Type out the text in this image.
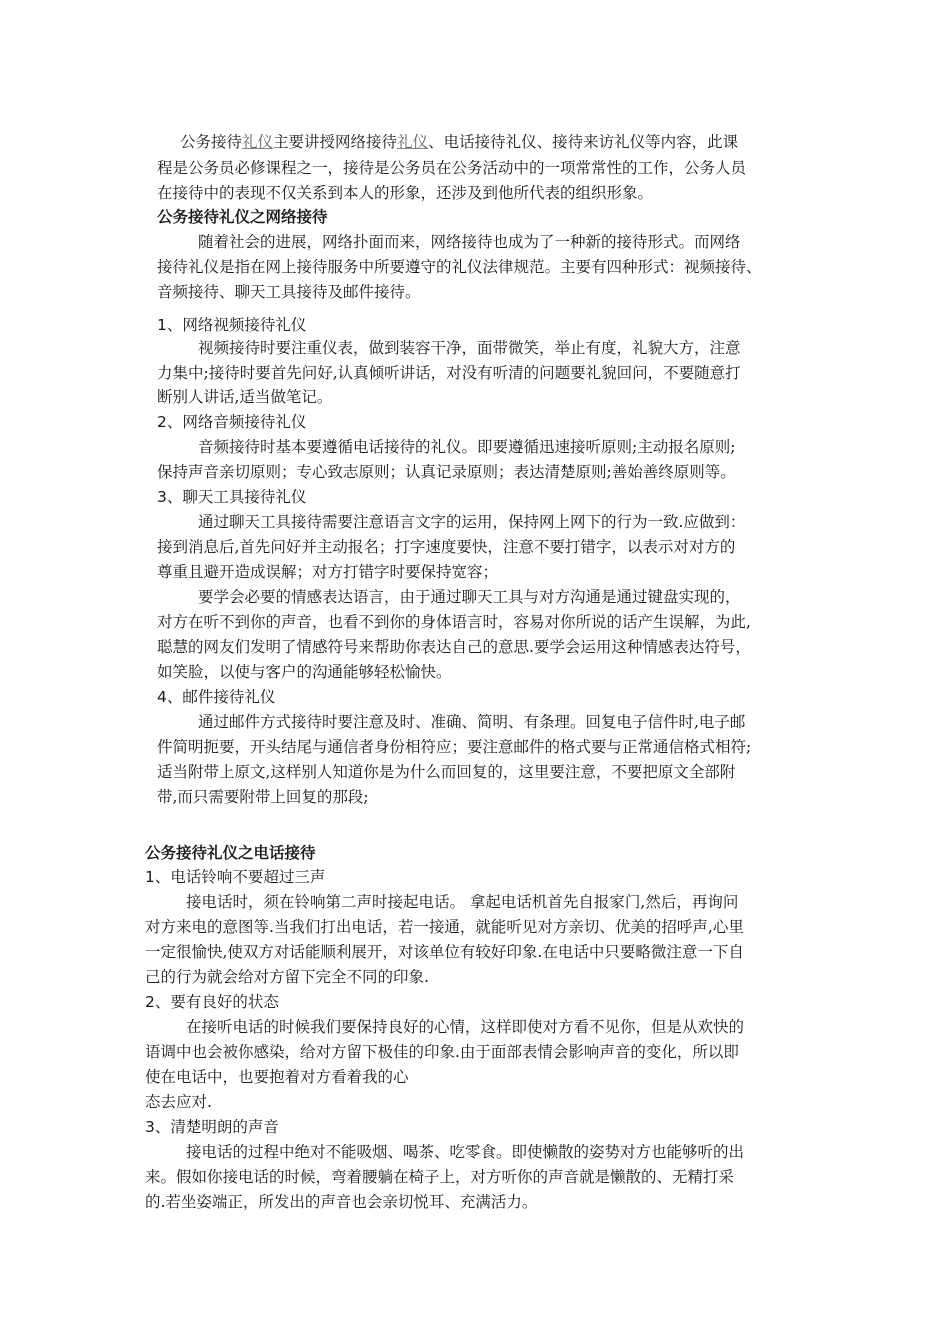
公务接待礼仪主要讲授网络接待礼仪、电话接待礼仪、接待来访礼仪等内容，此课
程是公务员必修课程之一，接待是公务员在公务活动中的一项常常性的工作，公务人员
在接待中的表现不仅关系到本人的形象，还涉及到他所代表的组织形象。
公务接待礼仪之网络接待
随着社会的进展，网络扑面而来，网络接待也成为了一种新的接待形式。而网络
接待礼仪是指在网上接待服务中所要遵守的礼仪法律规范。主要有四种形式：视频接待、
音频接待、聊天工具接待及邮件接待。
1、网络视频接待礼仪
视频接待时要注重仪表，做到装容干净，面带微笑，举止有度，礼貌大方，注意
力集中;接待时要首先问好,认真倾听讲话，对没有听清的问题要礼貌回问，不要随意打
断别人讲话,适当做笔记。
2、网络音频接待礼仪
音频接待时基本要遵循电话接待的礼仪。即要遵循迅速接听原则;主动报名原则;
保持声音亲切原则；专心致志原则；认真记录原则；表达清楚原则;善始善终原则等。
3、聊天工具接待礼仪
通过聊天工具接待需要注意语言文字的运用，保持网上网下的行为一致.应做到：
接到消息后,首先问好并主动报名；打字速度要快，注意不要打错字，以表示对对方的
尊重且避开造成误解；对方打错字时要保持宽容；
要学会必要的情感表达语言，由于通过聊天工具与对方沟通是通过键盘实现的，
对方在听不到你的声音，也看不到你的身体语言时，容易对你所说的话产生误解，为此,
聪慧的网友们发明了情感符号来帮助你表达自己的意思.要学会运用这种情感表达符号，
如笑脸，以使与客户的沟通能够轻松愉快。
4、邮件接待礼仪
通过邮件方式接待时要注意及时、准确、简明、有条理。回复电子信件时,电子邮
件简明扼要，开头结尾与通信者身份相符应；要注意邮件的格式要与正常通信格式相符;
适当附带上原文,这样别人知道你是为什么而回复的，这里要注意，不要把原文全部附
带,而只需要附带上回复的那段;
公务接待礼仪之电话接待
1、电话铃响不要超过三声
接电话时，须在铃响第二声时接起电话。 拿起电话机首先自报家门,然后，再询问
对方来电的意图等.当我们打出电话，若一接通，就能听见对方亲切、优美的招呼声,心里
一定很愉快,使双方对话能顺利展开，对该单位有较好印象.在电话中只要略微注意一下自
己的行为就会给对方留下完全不同的印象.
2、要有良好的状态
在接听电话的时候我们要保持良好的心情，这样即使对方看不见你，但是从欢快的
语调中也会被你感染，给对方留下极佳的印象.由于面部表情会影响声音的变化，所以即
使在电话中，也要抱着对方看着我的心
态去应对.
3、清楚明朗的声音
接电话的过程中绝对不能吸烟、喝茶、吃零食。即使懒散的姿势对方也能够听的出
来。假如你接电话的时候，弯着腰躺在椅子上，对方听你的声音就是懒散的、无精打采
的.若坐姿端正，所发出的声音也会亲切悦耳、充满活力。
